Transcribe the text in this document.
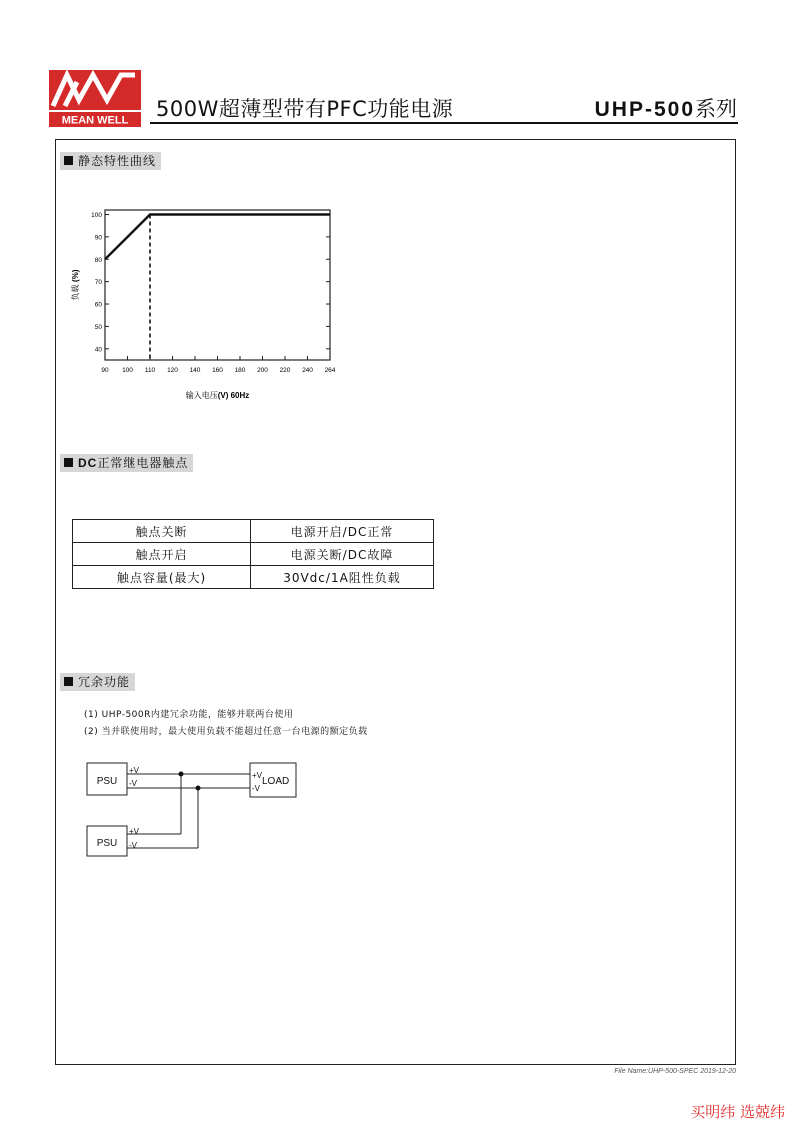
MEAN WELL 500W超薄型带有PFC功能电源	UHP-500系列
静态特性曲线
40
50
60
70
80
90
100
90 100 110 120 140 160 180 200 220 240 264
负载 (%)
输入电压(V) 60Hz
DC正常继电器触点
触点关断	电源开启/DC正常
触点开启	电源关断/DC故障
触点容量(最大)	30Vdc/1A阻性负载
冗余功能
(1) UHP-500R内建冗余功能，能够并联两台使用
(2) 当并联使用时，最大使用负载不能超过任意一台电源的额定负载
PSU
+V
-V
PSU
+V
-V
LOAD
+V
-V
File Name:UHP-500-SPEC 2019-12-20
买明纬 选兢纬
